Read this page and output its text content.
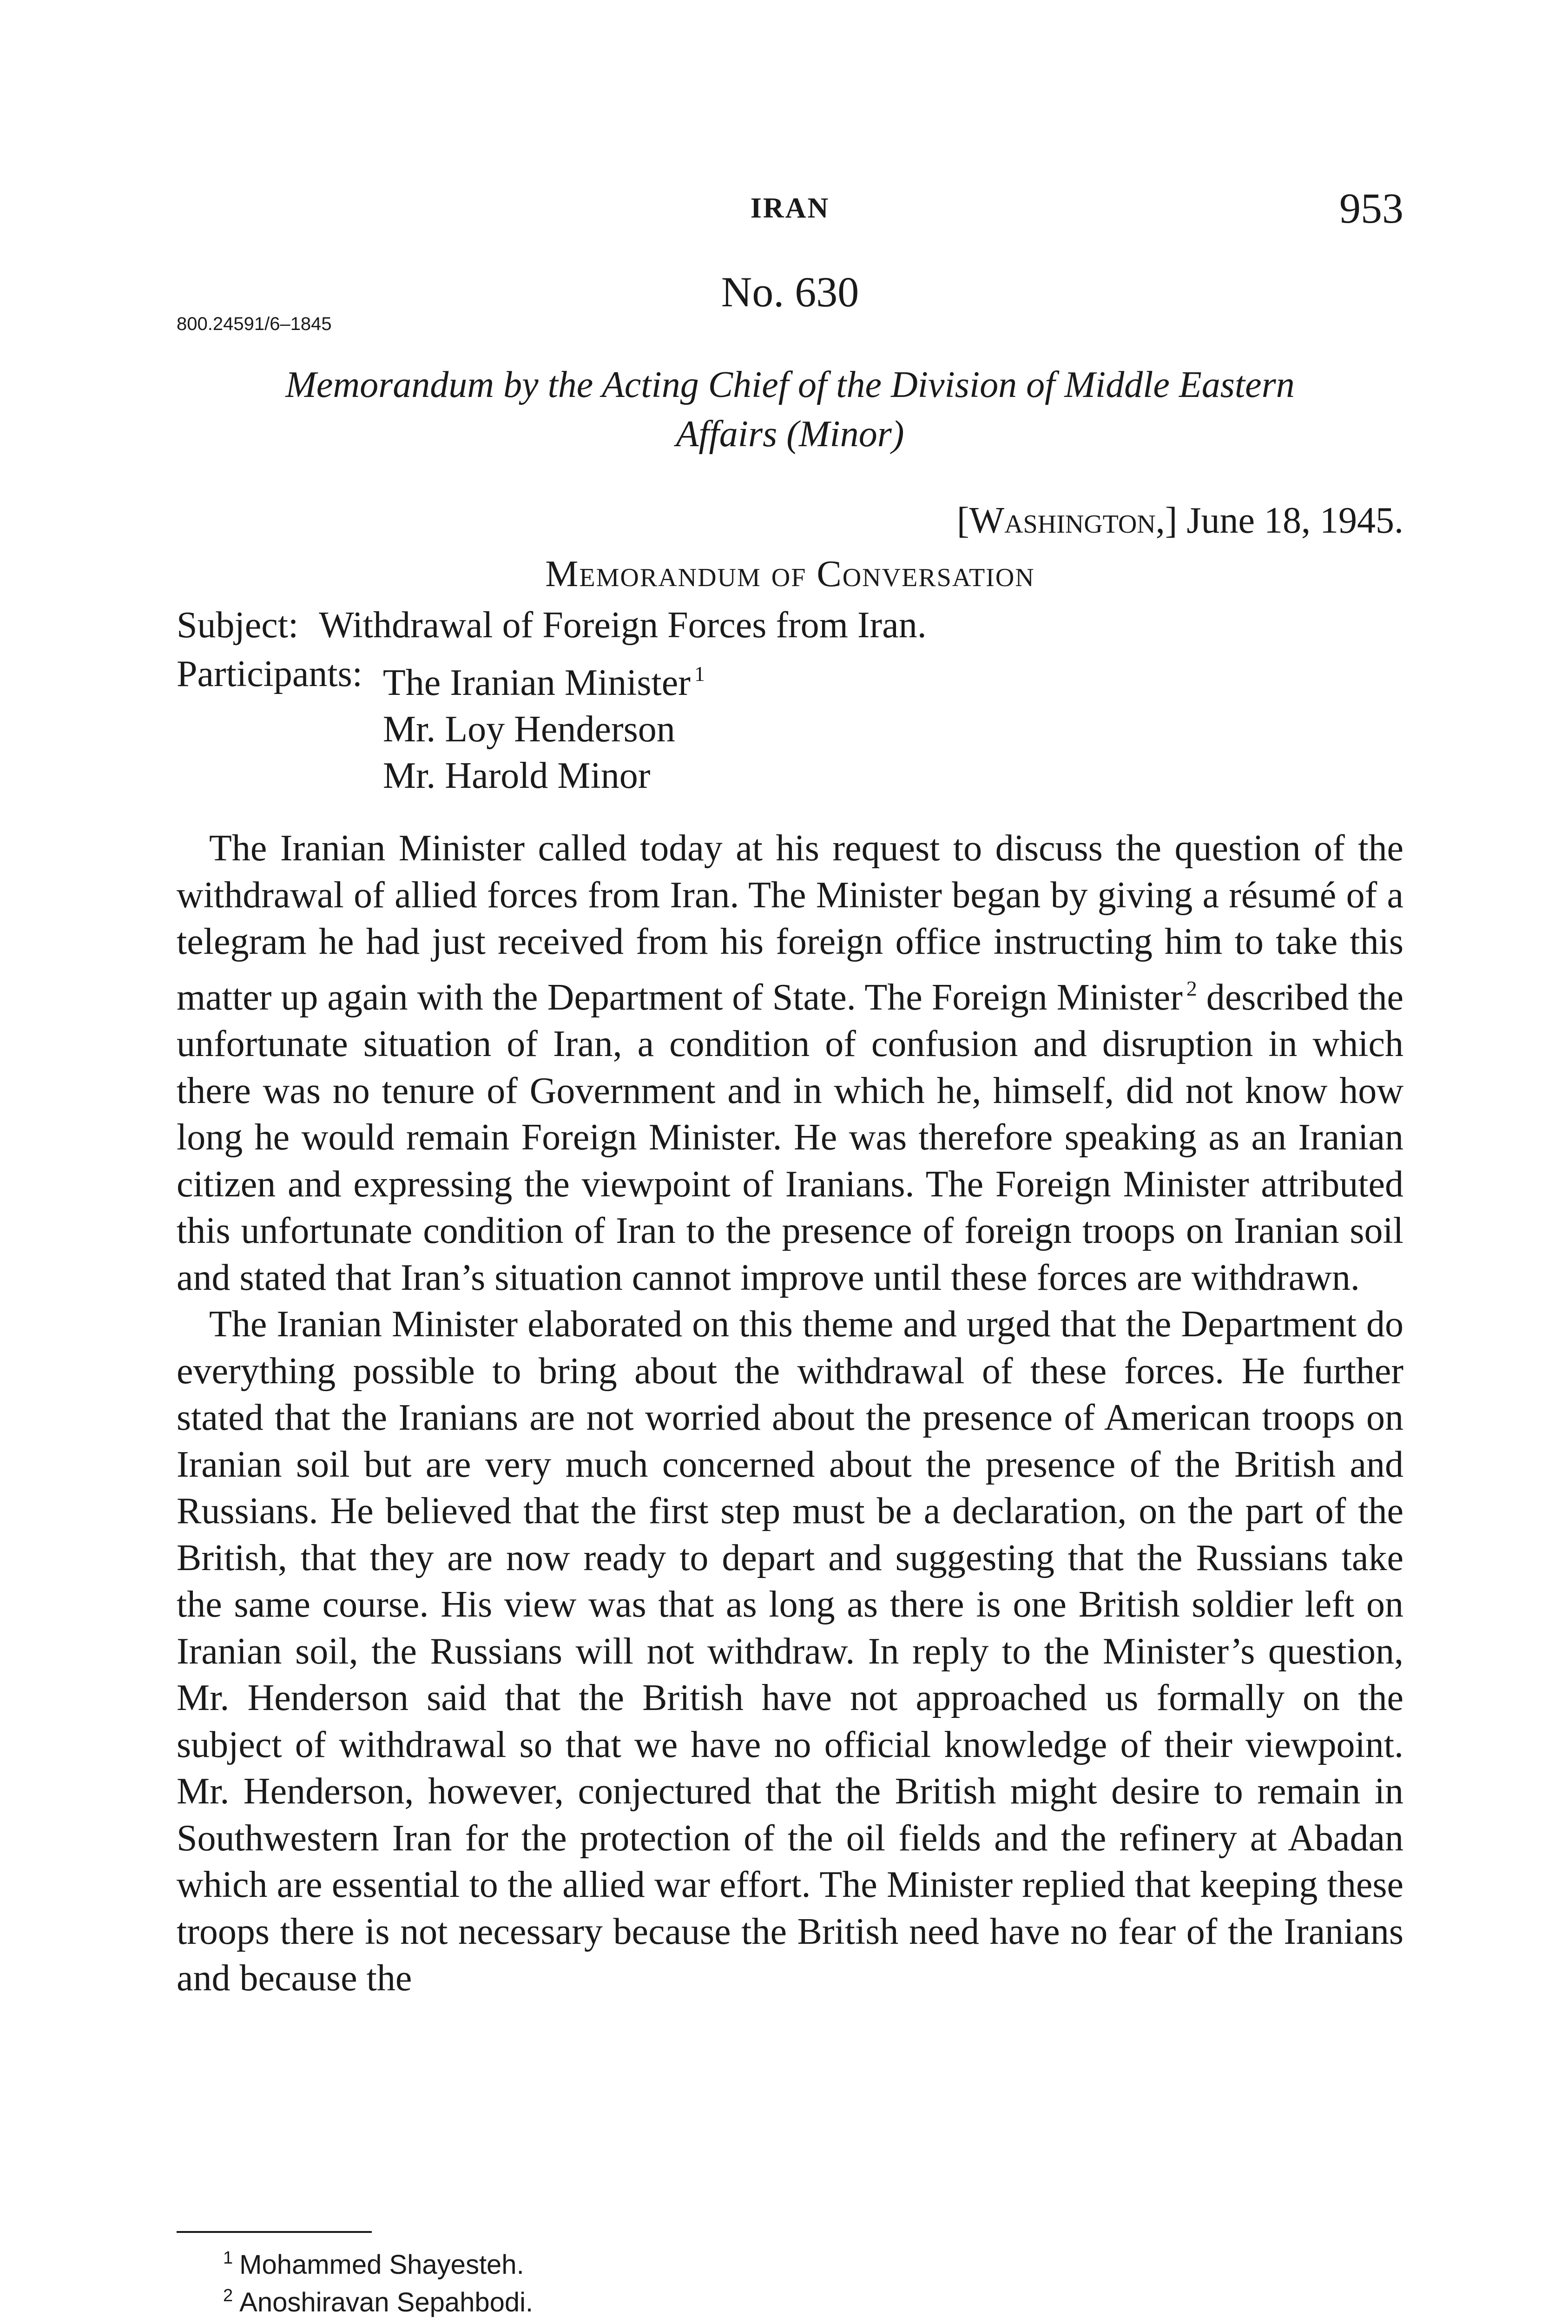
IRAN	953
No. 630
800.24591/6–1845
Memorandum by the Acting Chief of the Division of Middle Eastern
Affairs (Minor)
[Washington,] June 18, 1945.
Memorandum of Conversation
Subject: Withdrawal of Foreign Forces from Iran.
Participants: The Iranian Minister $^1$
Mr. Loy Henderson
Mr. Harold Minor

The Iranian Minister called today at his request to discuss the question of the withdrawal of allied forces from Iran. The Minister began by giving a résumé of a telegram he had just received from his foreign office instructing him to take this matter up again with the Department of State. The Foreign Minister $^2$ described the unfortunate situation of Iran, a condition of confusion and disruption in which there was no tenure of Government and in which he, himself, did not know how long he would remain Foreign Minister. He was therefore speaking as an Iranian citizen and expressing the viewpoint of Iranians. The Foreign Minister attributed this unfortunate condition of Iran to the presence of foreign troops on Iranian soil and stated that Iran’s situation cannot improve until these forces are withdrawn.

The Iranian Minister elaborated on this theme and urged that the Department do everything possible to bring about the withdrawal of these forces. He further stated that the Iranians are not worried about the presence of American troops on Iranian soil but are very much concerned about the presence of the British and Russians. He believed that the first step must be a declaration, on the part of the British, that they are now ready to depart and suggesting that the Russians take the same course. His view was that as long as there is one British soldier left on Iranian soil, the Russians will not withdraw. In reply to the Minister’s question, Mr. Henderson said that the British have not approached us formally on the subject of withdrawal so that we have no official knowledge of their viewpoint. Mr. Henderson, however, conjectured that the British might desire to remain in Southwestern Iran for the protection of the oil fields and the refinery at Abadan which are essential to the allied war effort. The Minister replied that keeping these troops there is not necessary because the British need have no fear of the Iranians and because the

$^1$ Mohammed Shayesteh.
$^2$ Anoshiravan Sepahbodi.
